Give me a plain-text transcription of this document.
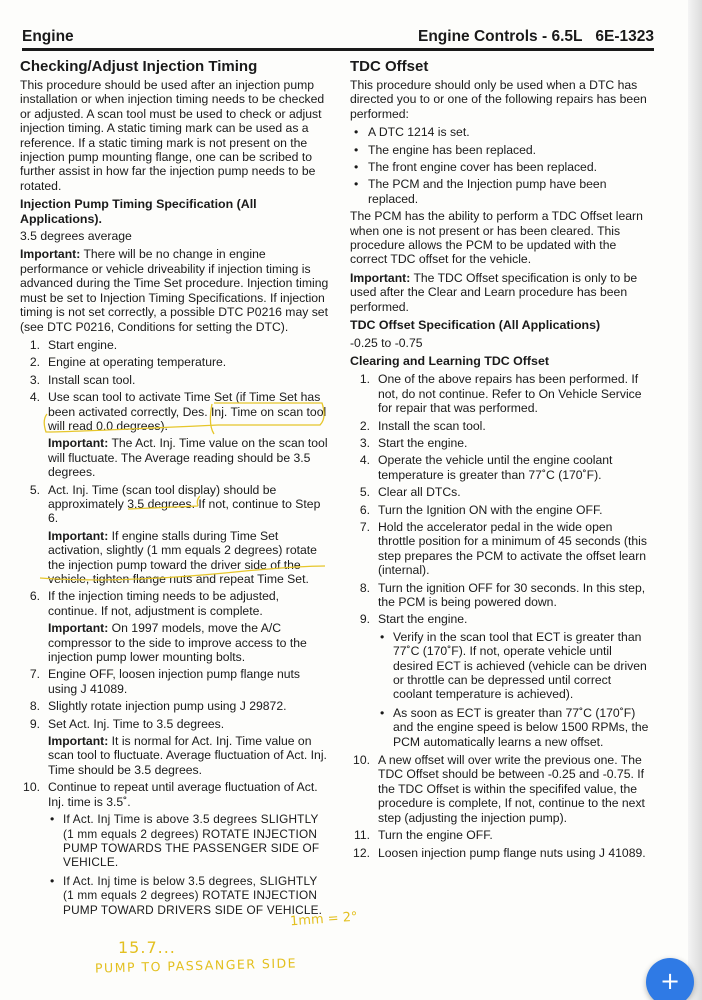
Engine	Engine Controls - 6.5L 6E-1323
Checking/Adjust Injection Timing

This procedure should be used after an injection pump installation or when injection timing needs to be checked or adjusted. A scan tool must be used to check or adjust injection timing. A static timing mark can be used as a reference. If a static timing mark is not present on the injection pump mounting flange, one can be scribed to further assist in how far the injection pump needs to be rotated.

Injection Pump Timing Specification (All Applications).

3.5 degrees average

Important: There will be no change in engine performance or vehicle driveability if injection timing is advanced during the Time Set procedure. Injection timing must be set to Injection Timing Specifications. If injection timing is not set correctly, a possible DTC P0216 may set (see DTC P0216, Conditions for setting the DTC).

1. Start engine.
2. Engine at operating temperature.
3. Install scan tool.
4. Use scan tool to activate Time Set (if Time Set has been activated correctly, Des. Inj. Time on scan tool will read 0.0 degrees).
Important: The Act. Inj. Time value on the scan tool will fluctuate. The Average reading should be 3.5 degrees.
5. Act. Inj. Time (scan tool display) should be approximately 3.5 degrees. If not, continue to Step 6.
Important: If engine stalls during Time Set activation, slightly (1 mm equals 2 degrees) rotate the injection pump toward the driver side of the vehicle, tighten flange nuts and repeat Time Set.
6. If the injection timing needs to be adjusted, continue. If not, adjustment is complete.
Important: On 1997 models, move the A/C compressor to the side to improve access to the injection pump lower mounting bolts.
7. Engine OFF, loosen injection pump flange nuts using J 41089.
8. Slightly rotate injection pump using J 29872.
9. Set Act. Inj. Time to 3.5 degrees.
Important: It is normal for Act. Inj. Time value on scan tool to fluctuate. Average fluctuation of Act. Inj. Time should be 3.5 degrees.
10. Continue to repeat until average fluctuation of Act. Inj. time is 3.5˚.
• If Act. Inj Time is above 3.5 degrees SLIGHTLY (1 mm equals 2 degrees) ROTATE INJECTION PUMP TOWARDS THE PASSENGER SIDE OF VEHICLE.
• If Act. Inj time is below 3.5 degrees, SLIGHTLY (1 mm equals 2 degrees) ROTATE INJECTION PUMP TOWARD DRIVERS SIDE OF VEHICLE.
TDC Offset

This procedure should only be used when a DTC has directed you to or one of the following repairs has been performed:

• A DTC 1214 is set.
• The engine has been replaced.
• The front engine cover has been replaced.
• The PCM and the Injection pump have been replaced.

The PCM has the ability to perform a TDC Offset learn when one is not present or has been cleared. This procedure allows the PCM to be updated with the correct TDC offset for the vehicle.

Important: The TDC Offset specification is only to be used after the Clear and Learn procedure has been performed.

TDC Offset Specification (All Applications)

-0.25 to -0.75

Clearing and Learning TDC Offset
1. One of the above repairs has been performed. If not, do not continue. Refer to On Vehicle Service for repair that was performed.
2. Install the scan tool.
3. Start the engine.
4. Operate the vehicle until the engine coolant temperature is greater than 77˚C (170˚F).
5. Clear all DTCs.
6. Turn the Ignition ON with the engine OFF.
7. Hold the accelerator pedal in the wide open throttle position for a minimum of 45 seconds (this step prepares the PCM to activate the offset learn (internal).
8. Turn the ignition OFF for 30 seconds. In this step, the PCM is being powered down.
9. Start the engine.
• Verify in the scan tool that ECT is greater than 77˚C (170˚F). If not, operate vehicle until desired ECT is achieved (vehicle can be driven or throttle can be depressed until correct coolant temperature is achieved).
• As soon as ECT is greater than 77˚C (170˚F) and the engine speed is below 1500 RPMs, the PCM automatically learns a new offset.
10. A new offset will over write the previous one. The TDC Offset should be between -0.25 and -0.75. If the TDC Offset is within the specififed value, the procedure is complete, If not, continue to the next step (adjusting the injection pump).
11. Turn the engine OFF.
12. Loosen injection pump flange nuts using J 41089.
1mm = 2°
15.7...
PUMP TO PASSANGER SIDE
+
